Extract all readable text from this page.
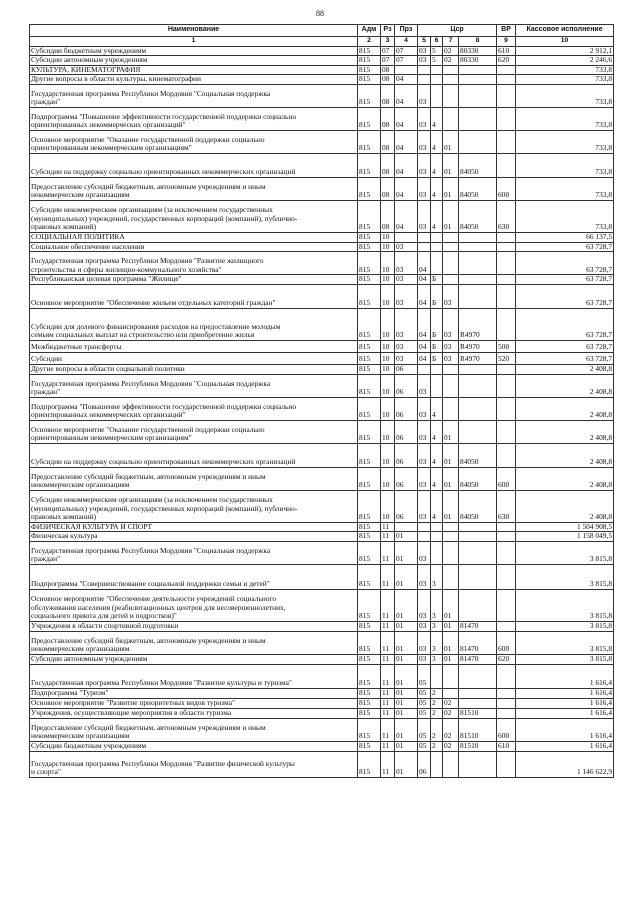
88
Наименование	Адм	Рз	Прз	Цср				ВР	Кассовое исполнение
1	2	3	4	5	6	7	8	9	10
Субсидии бюджетным учреждениям	815	07	07	03	5	02	80330	610	2 912,1
Субсидии автономным учреждениям	815	07	07	03	5	02	80330	620	2 246,6
КУЛЬТУРА, КИНЕМАТОГРАФИЯ	815	08							733,8
Другие вопросы в области культуры, кинематографии	815	08	04						733,8
Государственная программа Республики Мордовия "Социальная поддержка
граждан"	815	08	04	03					733,8
Подпрограмма "Повышение эффективности государственной поддержки социально
ориентированных некоммерческих организаций"	815	08	04	03	4				733,8
Основное мероприятие "Оказание государственной поддержки социально
ориентированным некоммерческим организациям"	815	08	04	03	4	01			733,8
Субсидии на поддержку социально ориентированных некоммерческих организаций	815	08	04	03	4	01	84050		733,8
Предоставление субсидий бюджетным, автономным учреждениям и иным
некоммерческим организациям	815	08	04	03	4	01	84050	600	733,8
Субсидии некоммерческим организациям (за исключением государственных
(муниципальных) учреждений, государственных корпораций (компаний), публично-
правовых компаний)	815	08	04	03	4	01	84050	630	733,8
СОЦИАЛЬНАЯ ПОЛИТИКА	815	10							66 137,5
Социальное обеспечение населения	815	10	03						63 728,7
Государственная программа Республики Мордовия "Развитие жилищного
строительства и сферы жилищно-коммунального хозяйства"	815	10	03	04					63 728,7
Республиканская целевая программа "Жилище"	815	10	03	04	Б				63 728,7
Основное мероприятие "Обеспечение жильем отдельных категорий граждан"	815	10	03	04	Б	03			63 728,7
Субсидии для долевого финансирования расходов на предоставление молодым
семьям социальных выплат на строительство или приобретение жилья	815	10	03	04	Б	03	R4970		63 728,7
Межбюджетные трансферты	815	10	03	04	Б	03	R4970	500	63 728,7
Субсидии	815	10	03	04	Б	03	R4970	520	63 728,7
Другие вопросы в области социальной политики	815	10	06						2 408,8
Государственная программа Республики Мордовия "Социальная поддержка
граждан"	815	10	06	03					2 408,8
Подпрограмма "Повышение эффективности государственной поддержки социально
ориентированных некоммерческих организаций"	815	10	06	03	4				2 408,8
Основное мероприятие "Оказание государственной поддержки социально
ориентированным некоммерческим организациям"	815	10	06	03	4	01			2 408,8
Субсидии на поддержку социально ориентированных некоммерческих организаций	815	10	06	03	4	01	84050		2 408,8
Предоставление субсидий бюджетным, автономным учреждениям и иным
некоммерческим организациям	815	10	06	03	4	01	84050	600	2 408,8
Субсидии некоммерческим организациям (за исключением государственных
(муниципальных) учреждений, государственных корпораций (компаний), публично-
правовых компаний)	815	10	06	03	4	01	84050	630	2 408,8
ФИЗИЧЕСКАЯ КУЛЬТУРА И СПОРТ	815	11							1 504 908,5
Физическая культура	815	11	01						1 158 049,5
Государственная программа Республики Мордовия "Социальная поддержка
граждан"	815	11	01	03					3 815,8
Подпрограмма "Совершенствование социальной поддержки семьи и детей"	815	11	01	03	3				3 815,8
Основное мероприятие "Обеспечение деятельности учреждений социального
обслуживания населения (реабилитационных центров для несовершеннолетних,
социального приюта для детей и подростков)"	815	11	01	03	3	01			3 815,8
Учреждения в области спортивной подготовки	815	11	01	03	3	01	81470		3 815,8
Предоставление субсидий бюджетным, автономным учреждениям и иным
некоммерческим организациям	815	11	01	03	3	01	81470	600	3 815,8
Субсидии автономным учреждениям	815	11	01	03	3	01	81470	620	3 815,8
Государственная программа Республики Мордовия "Развитие культуры и туризма"	815	11	01	05					1 616,4
Подпрограмма "Туризм"	815	11	01	05	2				1 616,4
Основное мероприятие "Развитие приоритетных видов туризма"	815	11	01	05	2	02			1 616,4
Учреждения, осуществляющие мероприятия в области туризма	815	11	01	05	2	02	81510		1 616,4
Предоставление субсидий бюджетным, автономным учреждениям и иным
некоммерческим организациям	815	11	01	05	2	02	81510	600	1 616,4
Субсидии бюджетным учреждениям	815	11	01	05	2	02	81510	610	1 616,4
Государственная программа Республики Мордовия "Развитие физической культуры
и спорта"	815	11	01	06					1 146 622,9
